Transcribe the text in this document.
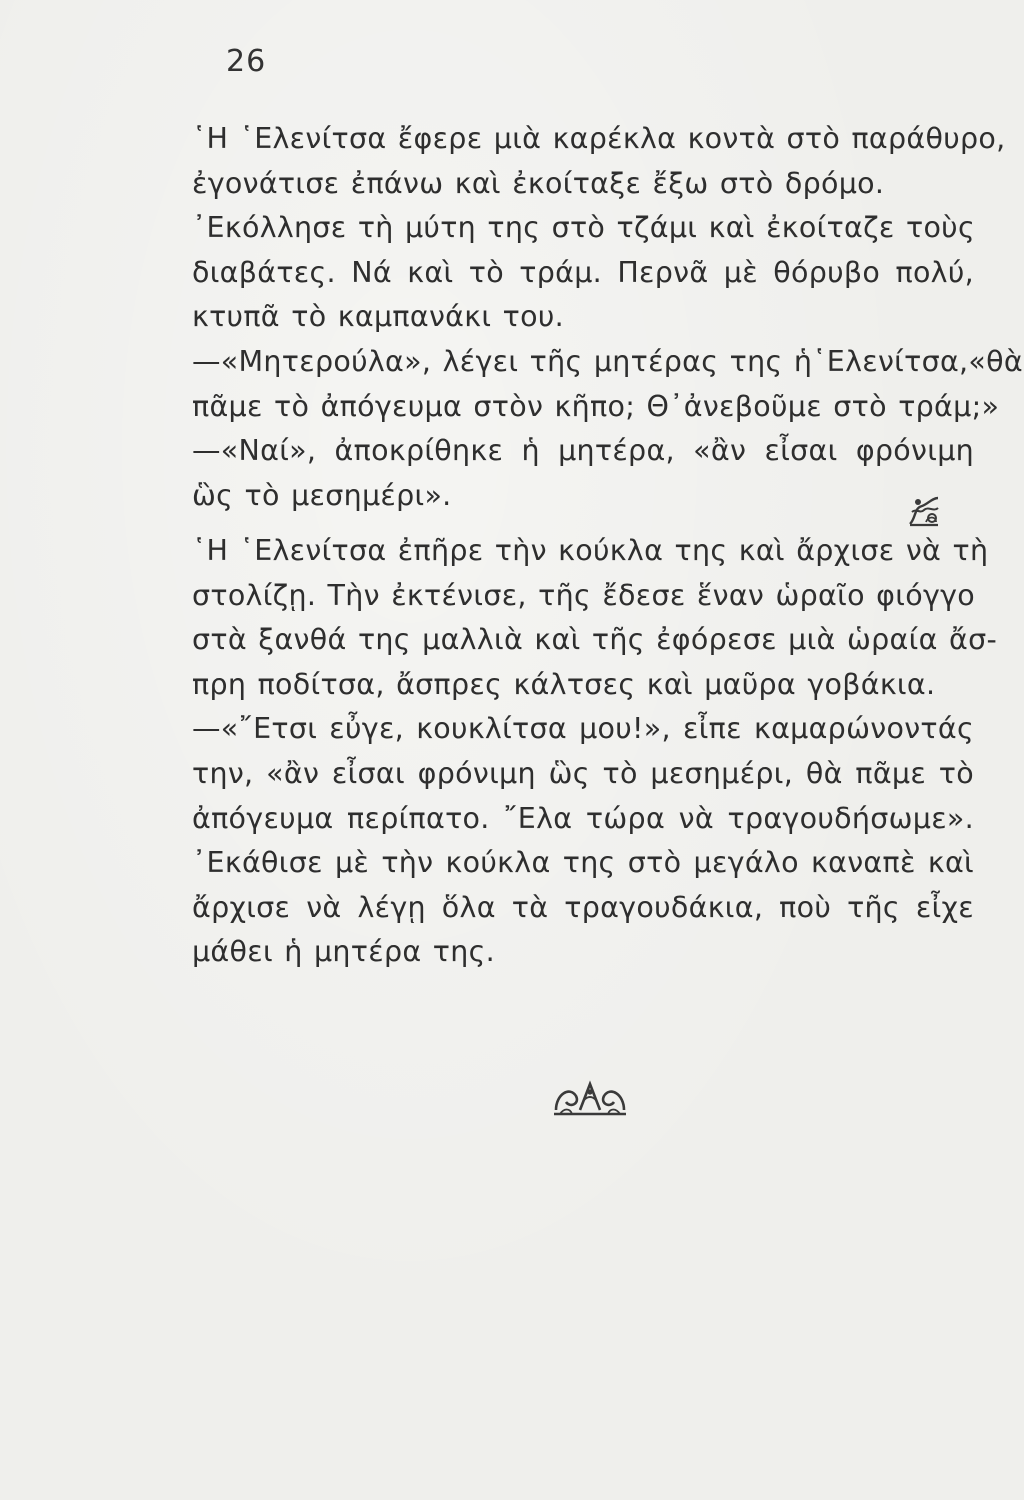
26
῾Η ῾Ελενίτσα ἔφερε μιὰ καρέκλα κοντὰ στὸ παράθυρο,
ἐγονάτισε ἐπάνω καὶ ἐκοίταξε ἔξω στὸ δρόμο.
᾿Εκόλλησε τὴ μύτη της στὸ τζάμι καὶ ἐκοίταζε τοὺς
διαβάτες. Νά καὶ τὸ τράμ. Περνᾶ μὲ θόρυβο πολύ,
κτυπᾶ τὸ καμπανάκι του.
—«Μητερούλα», λέγει τῆς μητέρας της ἡ῾Ελενίτσα,«θὰ
πᾶμε τὸ ἀπόγευμα στὸν κῆπο; Θ᾿ἀνεβοῦμε στὸ τράμ;»
—«Ναί», ἀποκρίθηκε ἡ μητέρα, «ἂν εἶσαι φρόνιμη
ὣς τὸ μεσημέρι».
῾Η ῾Ελενίτσα ἐπῆρε τὴν κούκλα της καὶ ἄρχισε νὰ τὴ
στολίζῃ. Τὴν ἐκτένισε, τῆς ἔδεσε ἕναν ὡραῖο φιόγγο
στὰ ξανθά της μαλλιὰ καὶ τῆς ἐφόρεσε μιὰ ὡραία ἄσ-
πρη ποδίτσα, ἄσπρες κάλτσες καὶ μαῦρα γοβάκια.
—«῎Ετσι εὖγε, κουκλίτσα μου!», εἶπε καμαρώνοντάς
την, «ἂν εἶσαι φρόνιμη ὣς τὸ μεσημέρι, θὰ πᾶμε τὸ
ἀπόγευμα περίπατο. ῎Ελα τώρα νὰ τραγουδήσωμε».
᾿Εκάθισε μὲ τὴν κούκλα της στὸ μεγάλο καναπὲ καὶ
ἄρχισε νὰ λέγῃ ὅλα τὰ τραγουδάκια, ποὺ τῆς εἶχε
μάθει ἡ μητέρα της.
